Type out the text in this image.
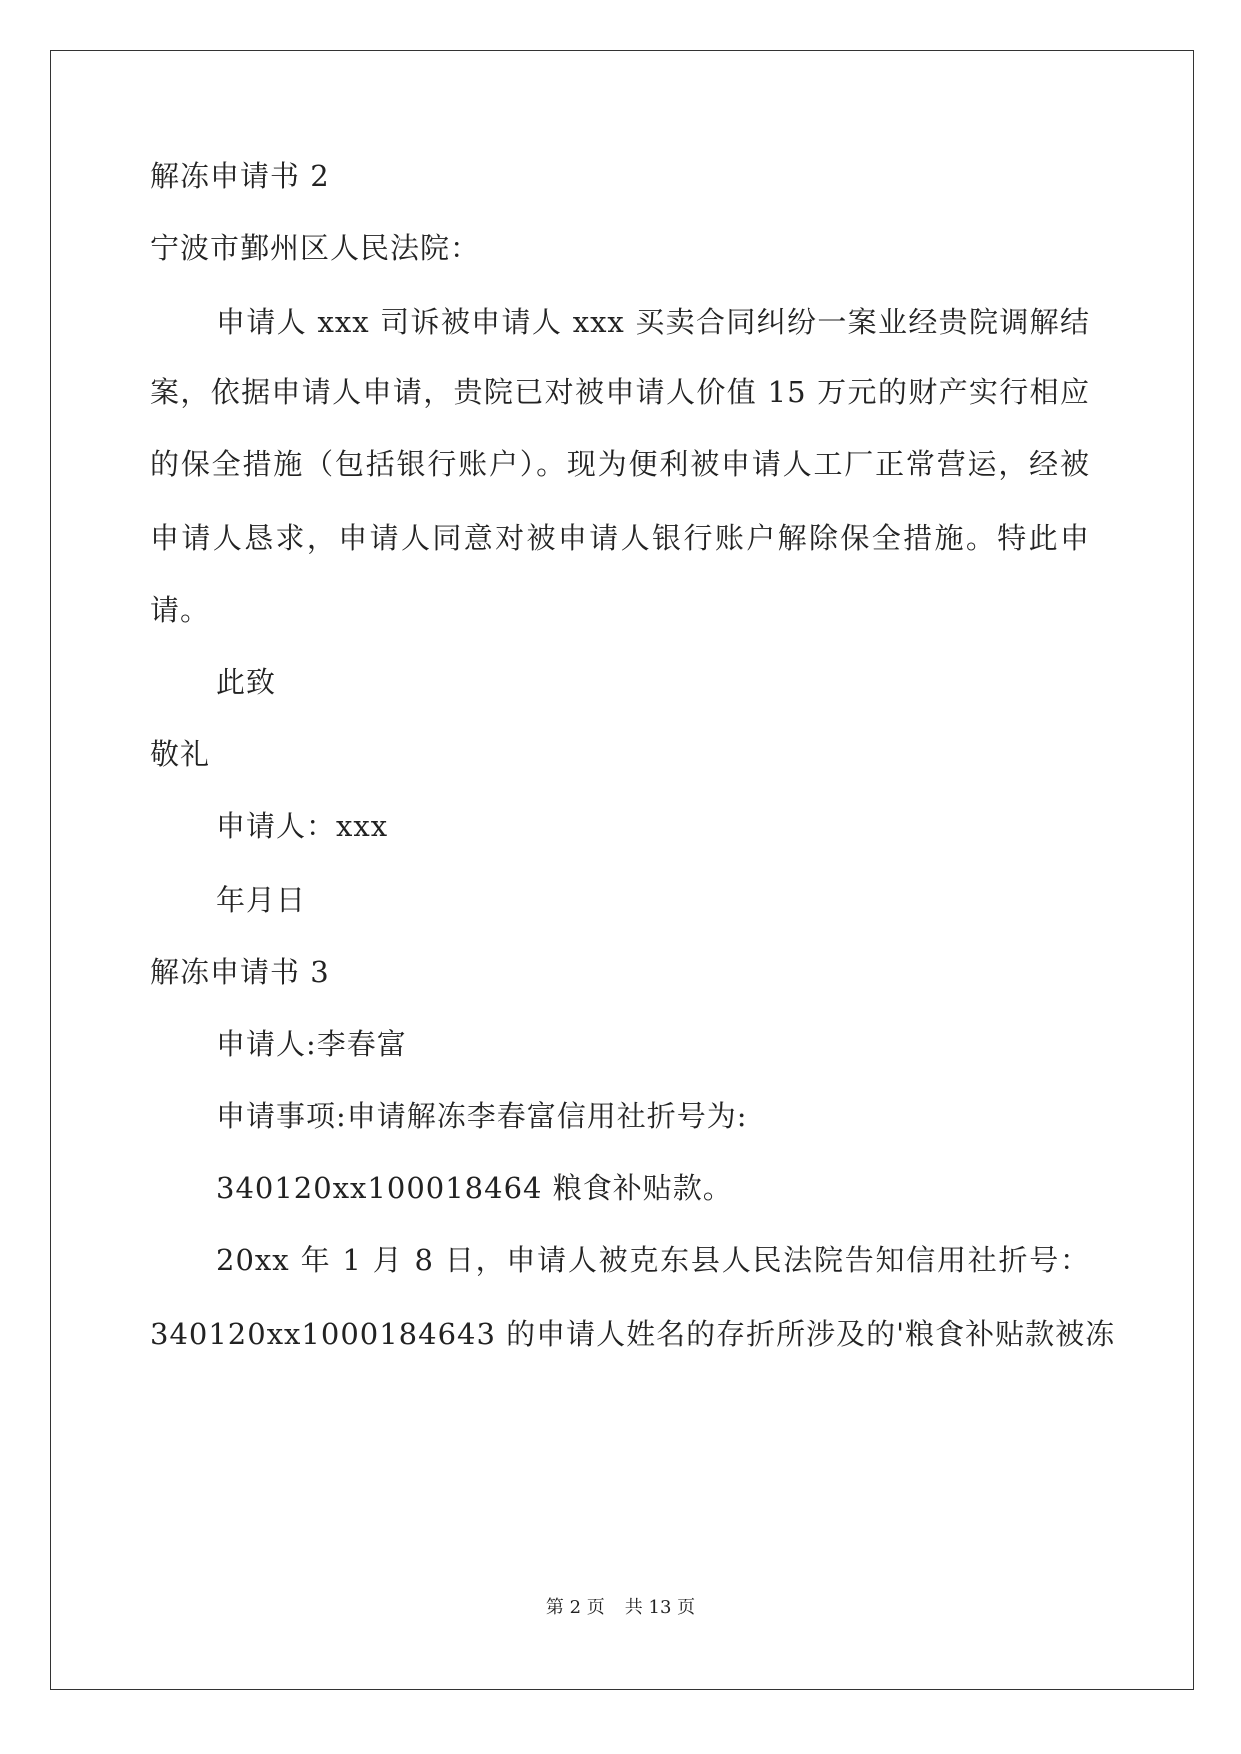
解冻申请书 2
宁波市鄞州区人民法院：
申请人 xxx 司诉被申请人 xxx 买卖合同纠纷一案业经贵院调解结
案，依据申请人申请，贵院已对被申请人价值 15 万元的财产实行相应
的保全措施（包括银行账户）。现为便利被申请人工厂正常营运，经被
申请人恳求，申请人同意对被申请人银行账户解除保全措施。特此申
请。
此致
敬礼
申请人：xxx
年月日
解冻申请书 3
申请人:李春富
申请事项:申请解冻李春富信用社折号为:
340120xx100018464 粮食补贴款。
20xx 年 1 月 8 日，申请人被克东县人民法院告知信用社折号：
340120xx1000184643 的申请人姓名的存折所涉及的'粮食补贴款被冻
第 2 页 共 13 页
